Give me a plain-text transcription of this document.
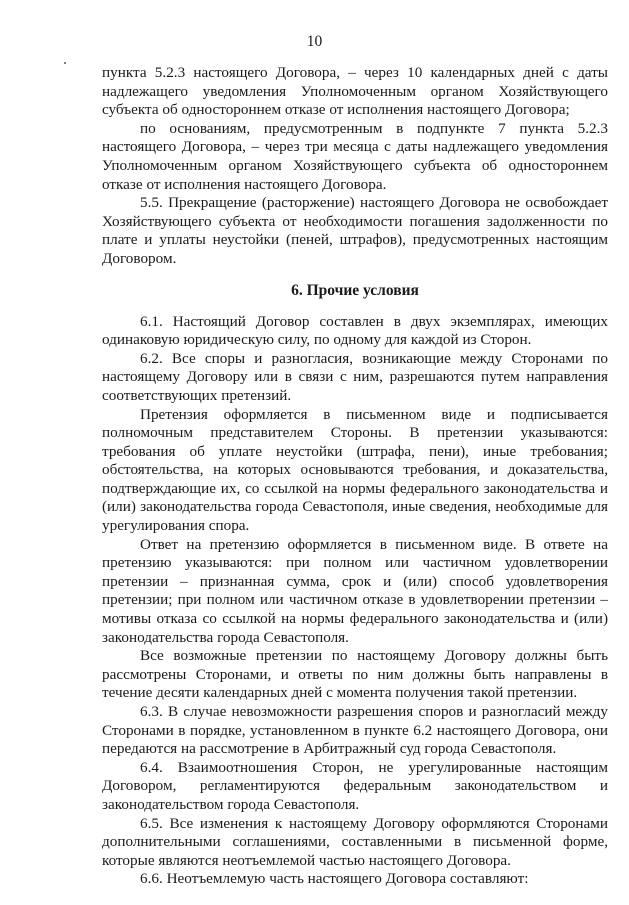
10

пункта 5.2.3 настоящего Договора, – через 10 календарных дней с даты надлежащего уведомления Уполномоченным органом Хозяйствующего субъекта об одностороннем отказе от исполнения настоящего Договора;

по основаниям, предусмотренным в подпункте 7 пункта 5.2.3 настоящего Договора, – через три месяца с даты надлежащего уведомления Уполномоченным органом Хозяйствующего субъекта об одностороннем отказе от исполнения настоящего Договора.

5.5. Прекращение (расторжение) настоящего Договора не освобождает Хозяйствующего субъекта от необходимости погашения задолженности по плате и уплаты неустойки (пеней, штрафов), предусмотренных настоящим Договором.

6. Прочие условия

6.1. Настоящий Договор составлен в двух экземплярах, имеющих одинаковую юридическую силу, по одному для каждой из Сторон.

6.2. Все споры и разногласия, возникающие между Сторонами по настоящему Договору или в связи с ним, разрешаются путем направления соответствующих претензий.

Претензия оформляется в письменном виде и подписывается полномочным представителем Стороны. В претензии указываются: требования об уплате неустойки (штрафа, пени), иные требования; обстоятельства, на которых основываются требования, и доказательства, подтверждающие их, со ссылкой на нормы федерального законодательства и (или) законодательства города Севастополя, иные сведения, необходимые для урегулирования спора.

Ответ на претензию оформляется в письменном виде. В ответе на претензию указываются: при полном или частичном удовлетворении претензии – признанная сумма, срок и (или) способ удовлетворения претензии; при полном или частичном отказе в удовлетворении претензии – мотивы отказа со ссылкой на нормы федерального законодательства и (или) законодательства города Севастополя.

Все возможные претензии по настоящему Договору должны быть рассмотрены Сторонами, и ответы по ним должны быть направлены в течение десяти календарных дней с момента получения такой претензии.

6.3. В случае невозможности разрешения споров и разногласий между Сторонами в порядке, установленном в пункте 6.2 настоящего Договора, они передаются на рассмотрение в Арбитражный суд города Севастополя.

6.4. Взаимоотношения Сторон, не урегулированные настоящим Договором, регламентируются федеральным законодательством и законодательством города Севастополя.

6.5. Все изменения к настоящему Договору оформляются Сторонами дополнительными соглашениями, составленными в письменной форме, которые являются неотъемлемой частью настоящего Договора.

6.6. Неотъемлемую часть настоящего Договора составляют:
